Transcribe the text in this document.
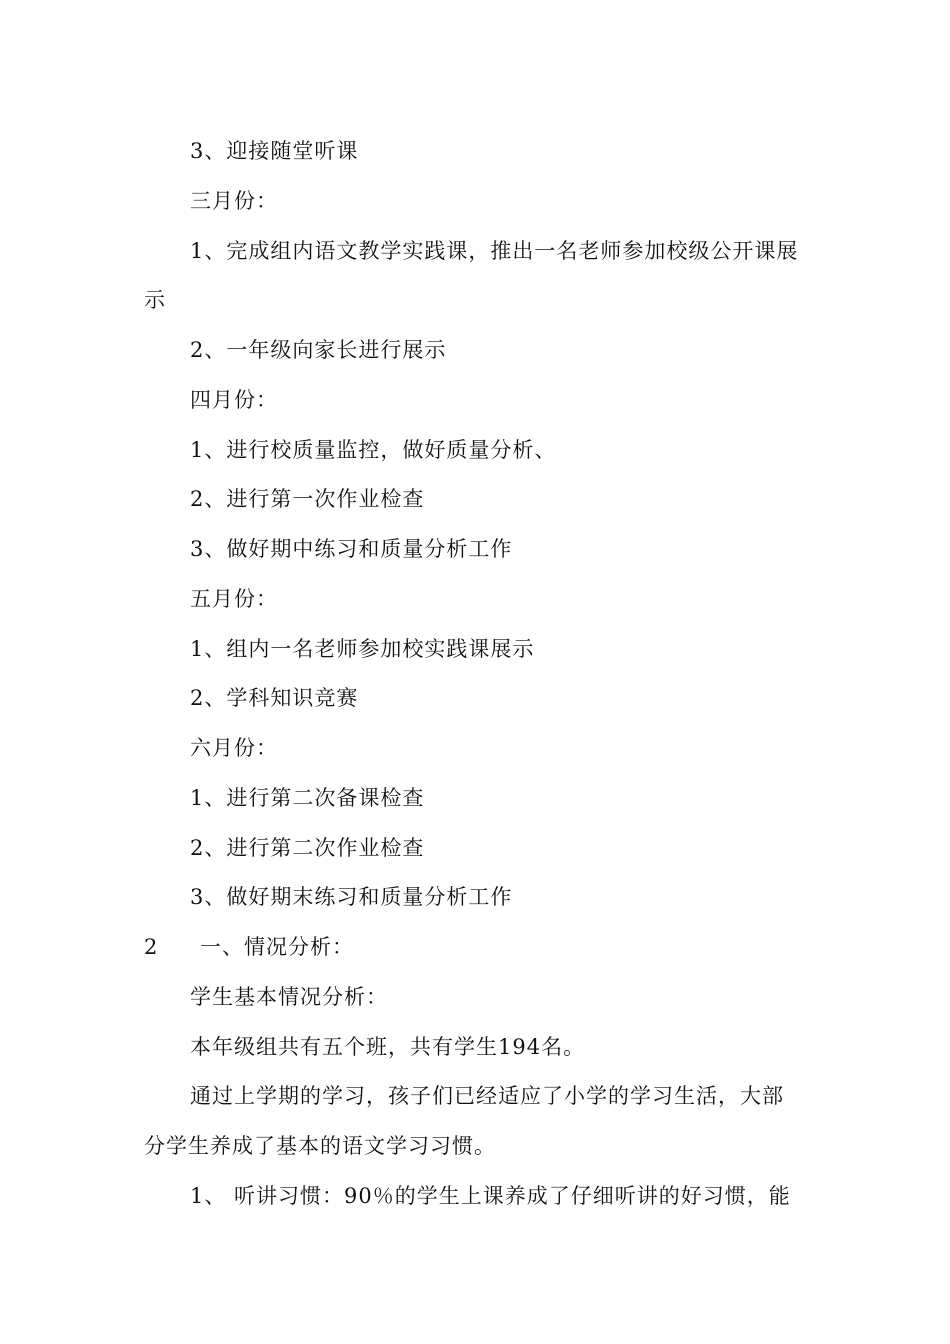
3、迎接随堂听课
三月份：
1、完成组内语文教学实践课，推出一名老师参加校级公开课展
示
2、一年级向家长进行展示
四月份：
1、进行校质量监控，做好质量分析、
2、进行第一次作业检查
3、做好期中练习和质量分析工作
五月份：
1、组内一名老师参加校实践课展示
2、学科知识竞赛
六月份：
1、进行第二次备课检查
2、进行第二次作业检查
3、做好期末练习和质量分析工作
2 一、情况分析：
学生基本情况分析：
本年级组共有五个班，共有学生194名。
通过上学期的学习，孩子们已经适应了小学的学习生活，大部
分学生养成了基本的语文学习习惯。
1、 听讲习惯：90％的学生上课养成了仔细听讲的好习惯，能
